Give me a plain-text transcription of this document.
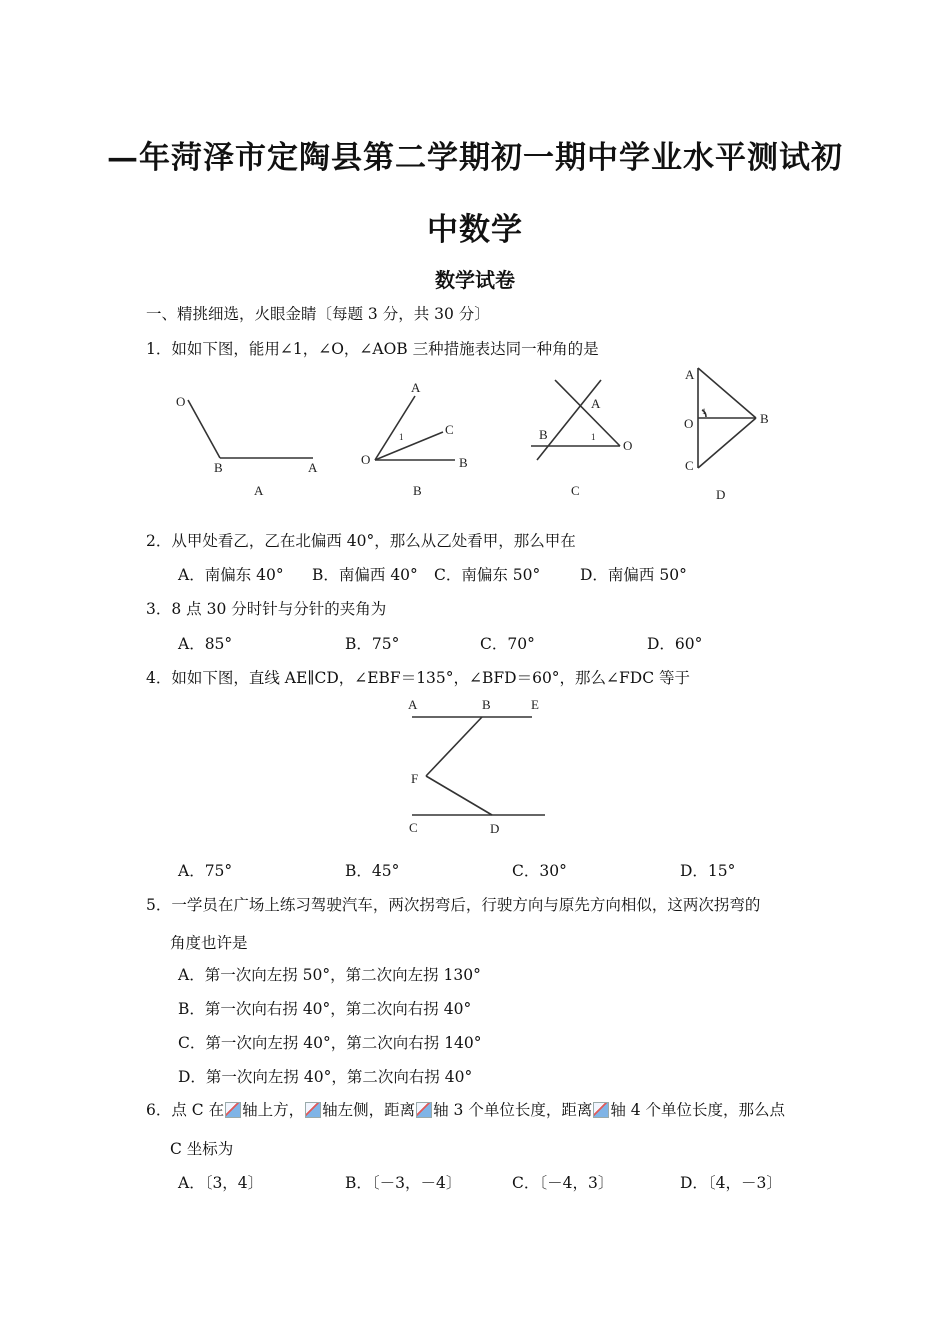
—年菏泽市定陶县第二学期初一期中学业水平测试初
中数学
数学试卷
一、精挑细选，火眼金睛〔每题 3 分，共 30 分〕
1．如如下图，能用∠1，∠O，∠AOB 三种措施表达同一种角的是
O
B	A
A
A
C
1
O	B
B
A
B	1
O
C
A
O
1	B
C
D
2．从甲处看乙，乙在北偏西 40°，那么从乙处看甲，那么甲在
A．南偏东 40° B．南偏西 40° C．南偏东 50°	D．南偏西 50°
3．8 点 30 分时针与分针的夹角为
A．85°	B．75°	C．70°	D．60°
4．如如下图，直线 AE∥CD，∠EBF＝135°，∠BFD＝60°，那么∠FDC 等于
A	B	E
F
C	D
A．75°	B．45°	C．30°	D．15°
5．一学员在广场上练习驾驶汽车，两次拐弯后，行驶方向与原先方向相似，这两次拐弯的
角度也许是
A．第一次向左拐 50°，第二次向左拐 130°
B．第一次向右拐 40°，第二次向右拐 40°
C．第一次向左拐 40°，第二次向右拐 140°
D．第一次向左拐 40°，第二次向右拐 40°
6．点 C 在 轴上方， 轴左侧，距离 轴 3 个单位长度，距离 轴 4 个单位长度，那么点
C 坐标为
A．〔3，4〕	B．〔－3，－4〕	C．〔－4，3〕	D．〔4，－3〕
